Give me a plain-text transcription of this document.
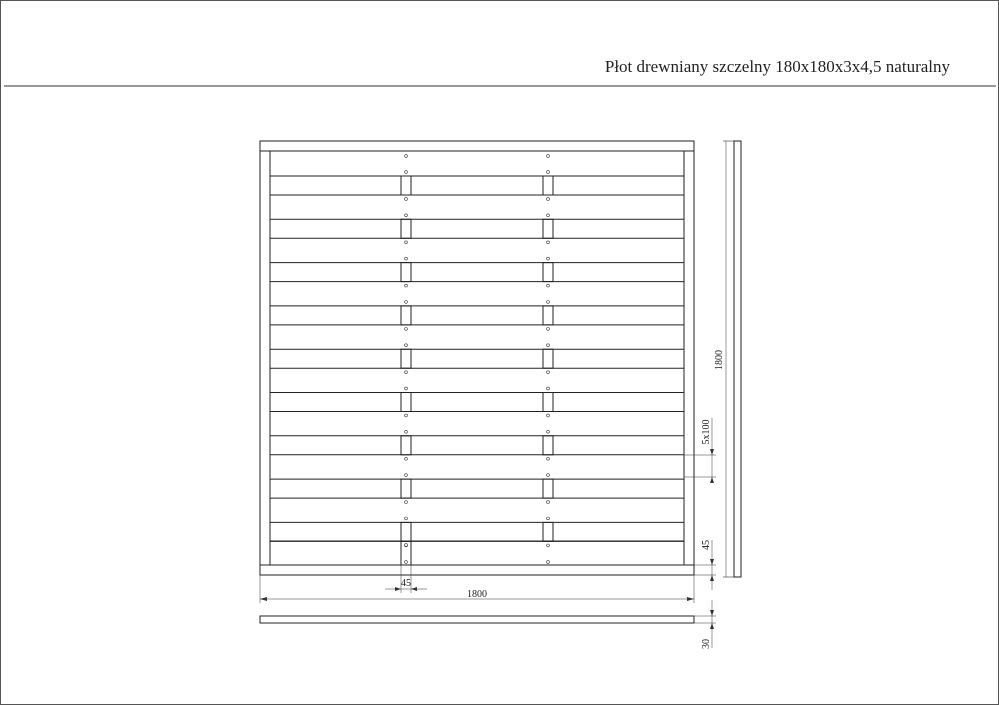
Płot drewniany szczelny 180x180x3x4,5 naturalny
1800
5x100
45
45
1800
30
